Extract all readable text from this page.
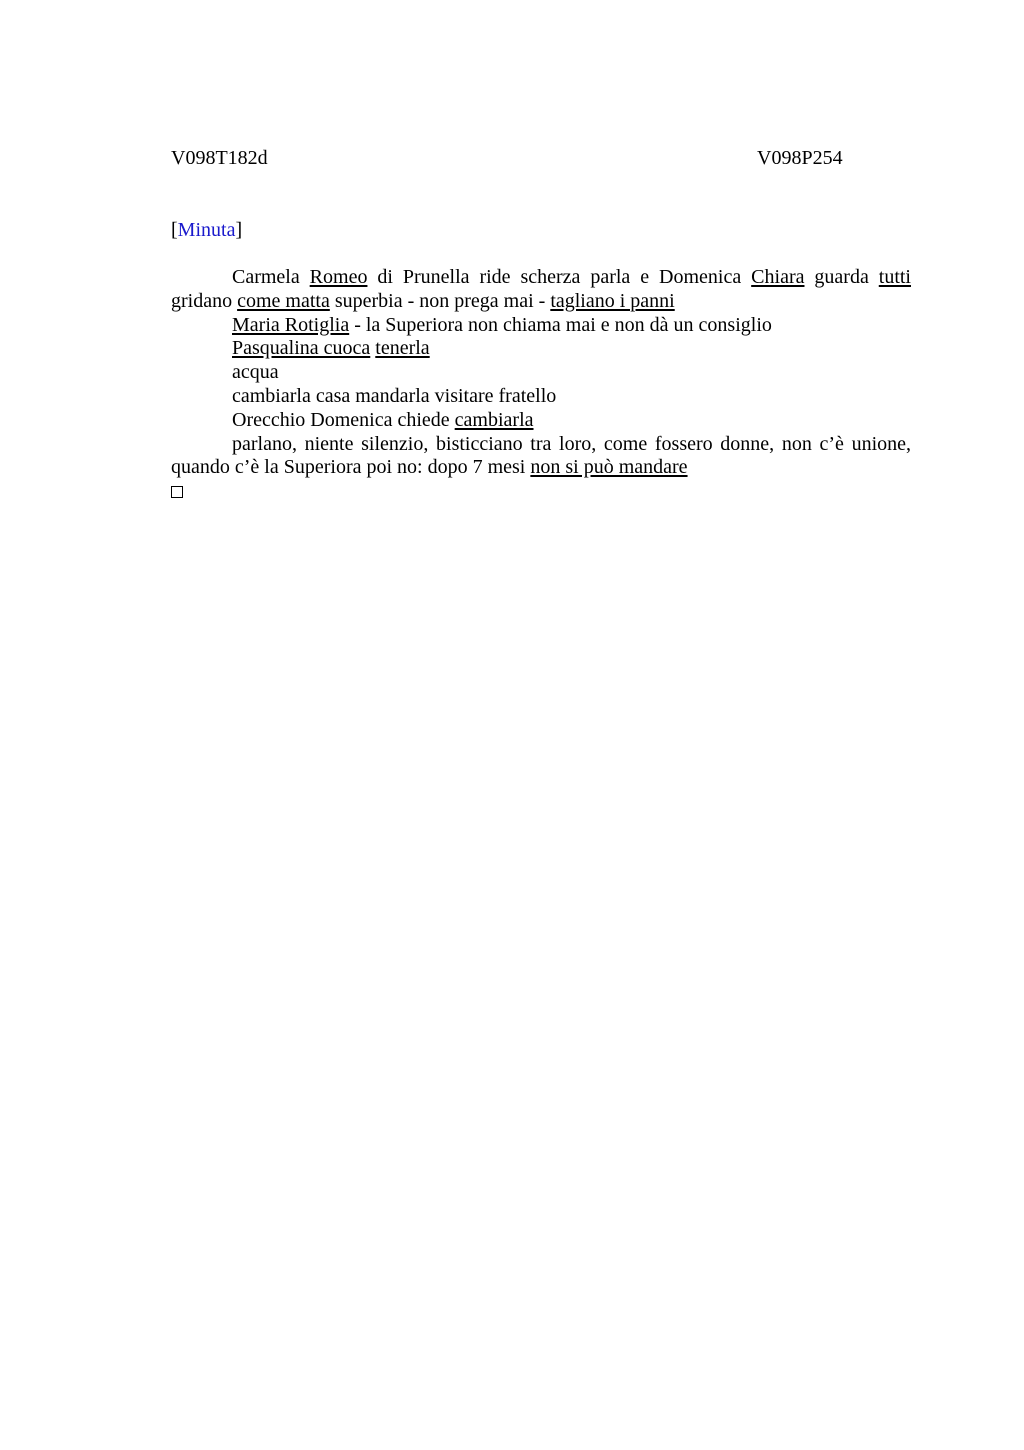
V098T182d	V098P254
[Minuta]

Carmela Romeo di Prunella ride scherza parla e Domenica Chiara guarda tutti gridano come matta superbia - non prega mai - tagliano i panni

Maria Rotiglia - la Superiora non chiama mai e non dà un consiglio

Pasqualina cuoca tenerla

acqua

cambiarla casa mandarla visitare fratello

Orecchio Domenica chiede cambiarla

parlano, niente silenzio, bisticciano tra loro, come fossero donne, non c’è unione, quando c’è la Superiora poi no: dopo 7 mesi non si può mandare
